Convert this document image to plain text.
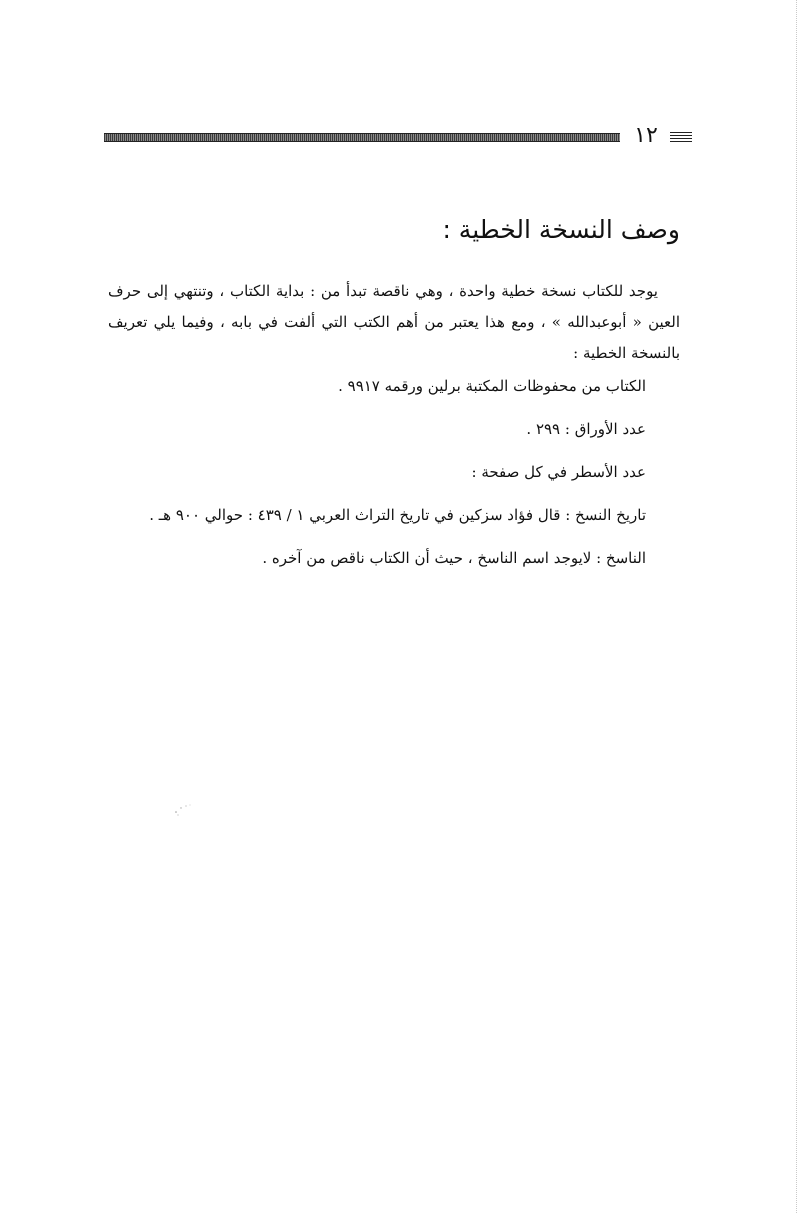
١٢
وصف النسخة الخطية :

يوجد للكتاب نسخة خطية واحدة ، وهي ناقصة تبدأ من : بداية الكتاب ، وتنتهي إلى حرف العين « أبوعبدالله » ، ومع هذا يعتبر من أهم الكتب التي ألفت في بابه ، وفيما يلي تعريف بالنسخة الخطية :

الكتاب من محفوظات المكتبة برلين ورقمه ٩٩١٧ .
عدد الأوراق : ٢٩٩ .
عدد الأسطر في كل صفحة :
تاريخ النسخ : قال فؤاد سزكين في تاريخ التراث العربي ١ / ٤٣٩ : حوالي ٩٠٠ هـ .
الناسخ : لايوجد اسم الناسخ ، حيث أن الكتاب ناقص من آخره .
